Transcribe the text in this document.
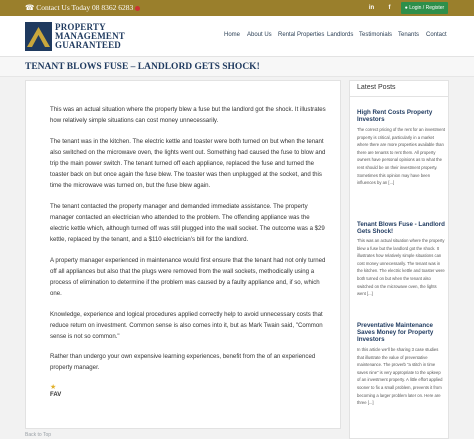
☎ Contact Us Today 08 8362 6283	in	f	● Login / Register
PROPERTY
MANAGEMENT
GUARANTEED
Home About Us Rental Properties Landlords Testimonials Tenants Contact
TENANT BLOWS FUSE – LANDLORD GETS SHOCK!

This was an actual situation where the property blew a fuse but the landlord got the shock. It illustrates how relatively simple situations can cost money unnecessarily.

The tenant was in the kitchen. The electric kettle and toaster were both turned on but when the tenant also switched on the microwave oven, the lights went out. Something had caused the fuse to blow and trip the main power switch. The tenant turned off each appliance, replaced the fuse and turned the toaster back on but once again the fuse blew. The toaster was then unplugged at the socket, and this time the microwave was turned on, but the fuse blew again.

The tenant contacted the property manager and demanded immediate assistance. The property manager contacted an electrician who attended to the problem. The offending appliance was the electric kettle which, although turned off was still plugged into the wall socket. The outcome was a $29 kettle, replaced by the tenant, and a $110 electrician's bill for the landlord.

A property manager experienced in maintenance would first ensure that the tenant had not only turned off all appliances but also that the plugs were removed from the wall sockets, methodically using a process of elimination to determine if the problem was caused by a faulty appliance and, if so, which one.

Knowledge, experience and logical procedures applied correctly help to avoid unnecessary costs that reduce return on investment. Common sense is also comes into it, but as Mark Twain said, "Common sense is not so common."

Rather than undergo your own expensive learning experiences, benefit from the of an experienced property manager.

★
FAV
Back to Top
Latest Posts
High Rent Costs Property Investors
The correct pricing of the rent for an investment property is critical, particularly in a market where there are more properties available than there are tenants to rent them. All property owners have personal opinions as to what the rent should be on their investment property. Sometimes this opinion may have been influences by an [...]
Tenant Blows Fuse - Landlord Gets Shock!
This was an actual situation where the property blew a fuse but the landlord got the shock. It illustrates how relatively simple situations can cost money unnecessarily. The tenant was in the kitchen. The electric kettle and toaster were both turned on but when the tenant also switched on the microwave oven, the lights went [...]
Preventative Maintenance Saves Money for Property Investors
In this article we'll be sharing 3 case studies that illustrate the value of preventative maintenance. The proverb "a stitch in time saves nine" is very appropriate to the upkeep of an investment property. A little effort applied sooner to fix a small problem, prevents it from becoming a larger problem later on. Here are three [...]
